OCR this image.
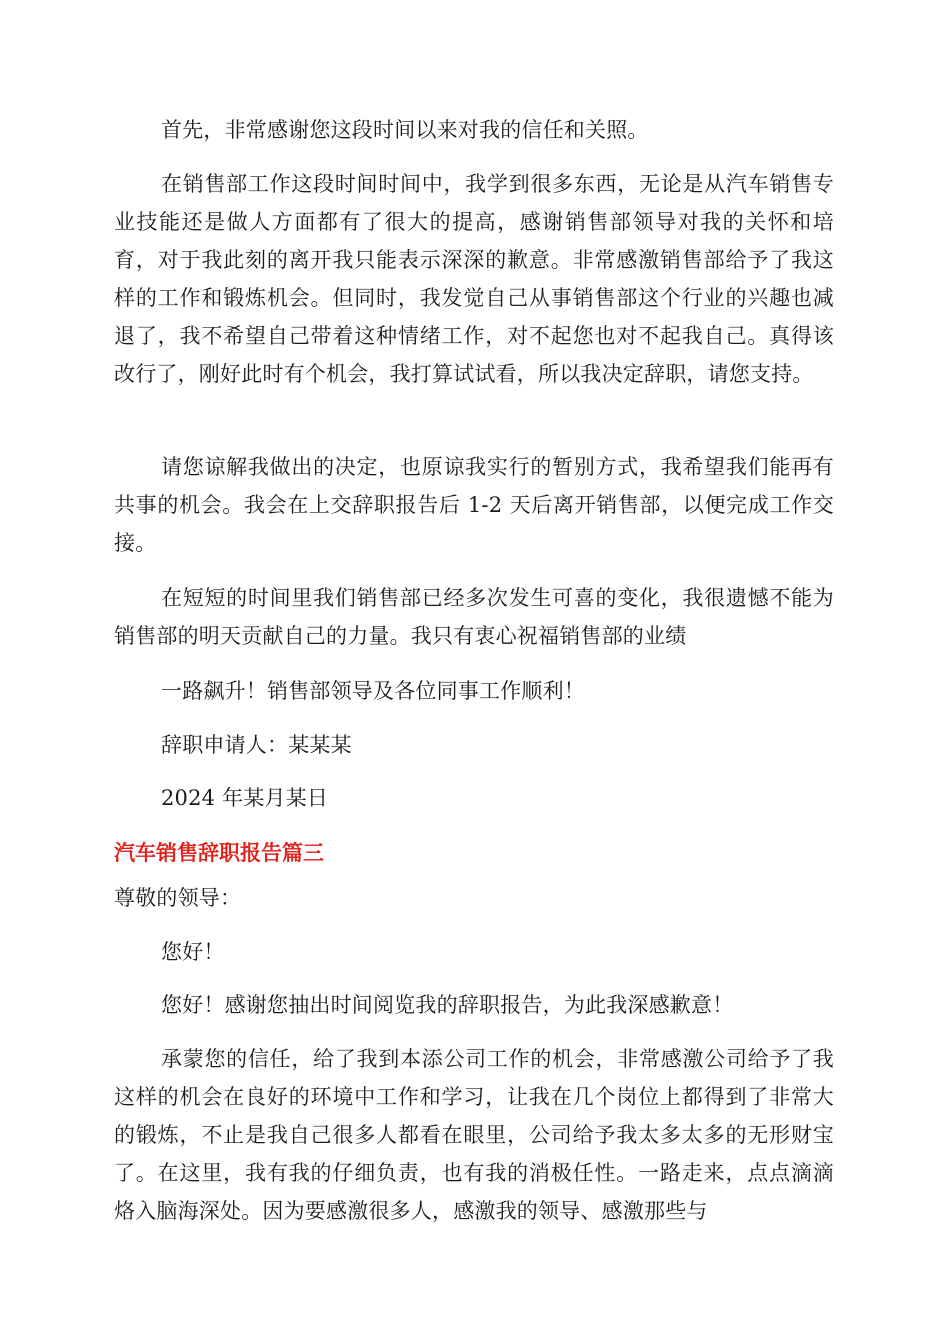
首先，非常感谢您这段时间以来对我的信任和关照。

在销售部工作这段时间时间中，我学到很多东西，无论是从汽车销售专业技能还是做人方面都有了很大的提高，感谢销售部领导对我的关怀和培育，对于我此刻的离开我只能表示深深的歉意。非常感激销售部给予了我这样的工作和锻炼机会。但同时，我发觉自己从事销售部这个行业的兴趣也减退了，我不希望自己带着这种情绪工作，对不起您也对不起我自己。真得该改行了，刚好此时有个机会，我打算试试看，所以我决定辞职，请您支持。

请您谅解我做出的决定，也原谅我实行的暂别方式，我希望我们能再有共事的机会。我会在上交辞职报告后 1-2 天后离开销售部，以便完成工作交接。

在短短的时间里我们销售部已经多次发生可喜的变化，我很遗憾不能为销售部的明天贡献自己的力量。我只有衷心祝福销售部的业绩

一路飙升！销售部领导及各位同事工作顺利！

辞职申请人：某某某

2024 年某月某日

汽车销售辞职报告篇三

尊敬的领导：

您好！

您好！感谢您抽出时间阅览我的辞职报告，为此我深感歉意！

承蒙您的信任，给了我到本添公司工作的机会，非常感激公司给予了我这样的机会在良好的环境中工作和学习，让我在几个岗位上都得到了非常大的锻炼，不止是我自己很多人都看在眼里，公司给予我太多太多的无形财宝了。在这里，我有我的仔细负责，也有我的消极任性。一路走来，点点滴滴烙入脑海深处。因为要感激很多人，感激我的领导、感激那些与
